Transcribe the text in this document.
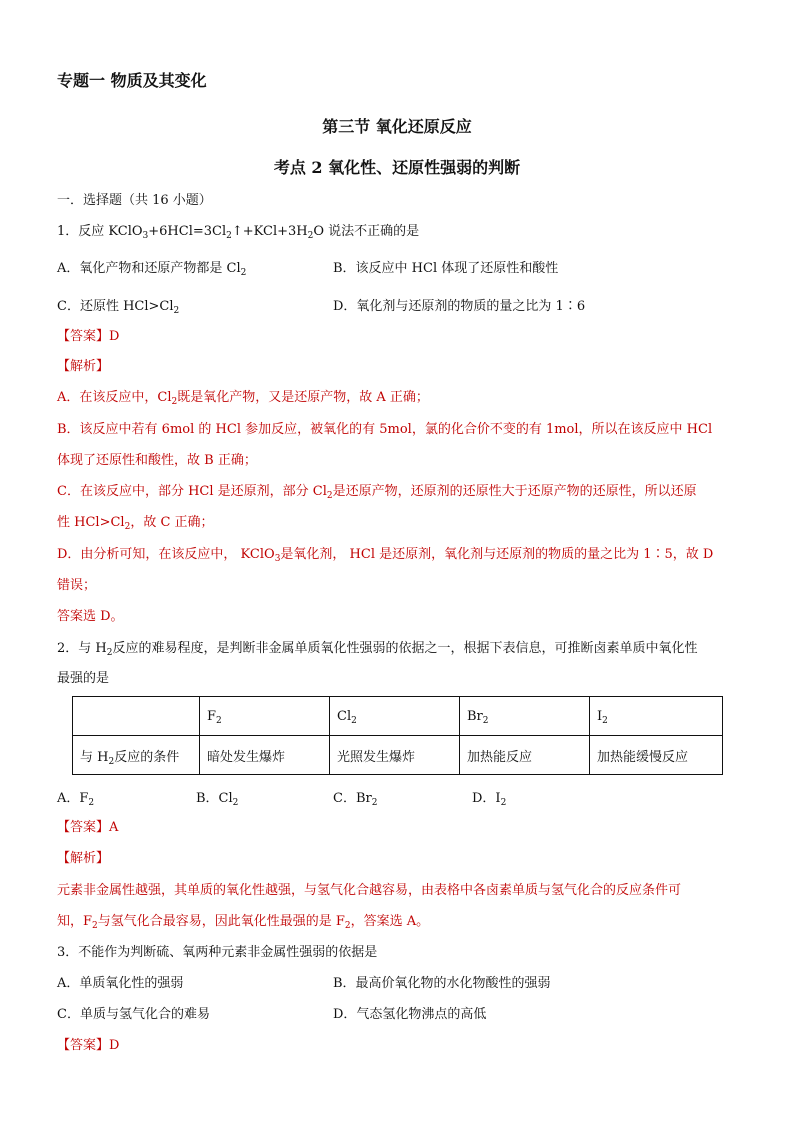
专题一 物质及其变化
第三节 氧化还原反应
考点 2 氧化性、还原性强弱的判断
一．选择题（共 16 小题）
1．反应 $KClO_3+6HCl=3Cl_2↑+KCl+3H_2O$ 说法不正确的是
A．氧化产物和还原产物都是 $Cl_2$	B．该反应中 HCl 体现了还原性和酸性
C．还原性 $HCl>Cl_2$	D．氧化剂与还原剂的物质的量之比为 1∶6
【答案】D
【解析】
A．在该反应中，$Cl_2$既是氧化产物，又是还原产物，故 A 正确；
B．该反应中若有 6mol 的 HCl 参加反应，被氧化的有 5mol，氯的化合价不变的有 1mol，所以在该反应中 HCl
体现了还原性和酸性，故 B 正确；
C．在该反应中，部分 HCl 是还原剂，部分 $Cl_2$是还原产物，还原剂的还原性大于还原产物的还原性，所以还原
性 $HCl>Cl_2$，故 C 正确；
D．由分析可知，在该反应中， KClO$_3$是氧化剂， HCl 是还原剂，氧化剂与还原剂的物质的量之比为 1∶5，故 D
错误；
答案选 D。
2．与 $H_2$反应的难易程度，是判断非金属单质氧化性强弱的依据之一，根据下表信息，可推断卤素单质中氧化性
最强的是
	$F_2$	$Cl_2$	$Br_2$	$I_2$
与 $H_2$反应的条件	暗处发生爆炸	光照发生爆炸	加热能反应	加热能缓慢反应
A．$F_2$	B．$Cl_2$	C．$Br_2$	D．$I_2$
【答案】A
【解析】
元素非金属性越强，其单质的氧化性越强，与氢气化合越容易，由表格中各卤素单质与氢气化合的反应条件可
知，$F_2$与氢气化合最容易，因此氧化性最强的是 $F_2$，答案选 A。
3．不能作为判断硫、氧两种元素非金属性强弱的依据是
A．单质氧化性的强弱	B．最高价氧化物的水化物酸性的强弱
C．单质与氢气化合的难易	D．气态氢化物沸点的高低
【答案】D
